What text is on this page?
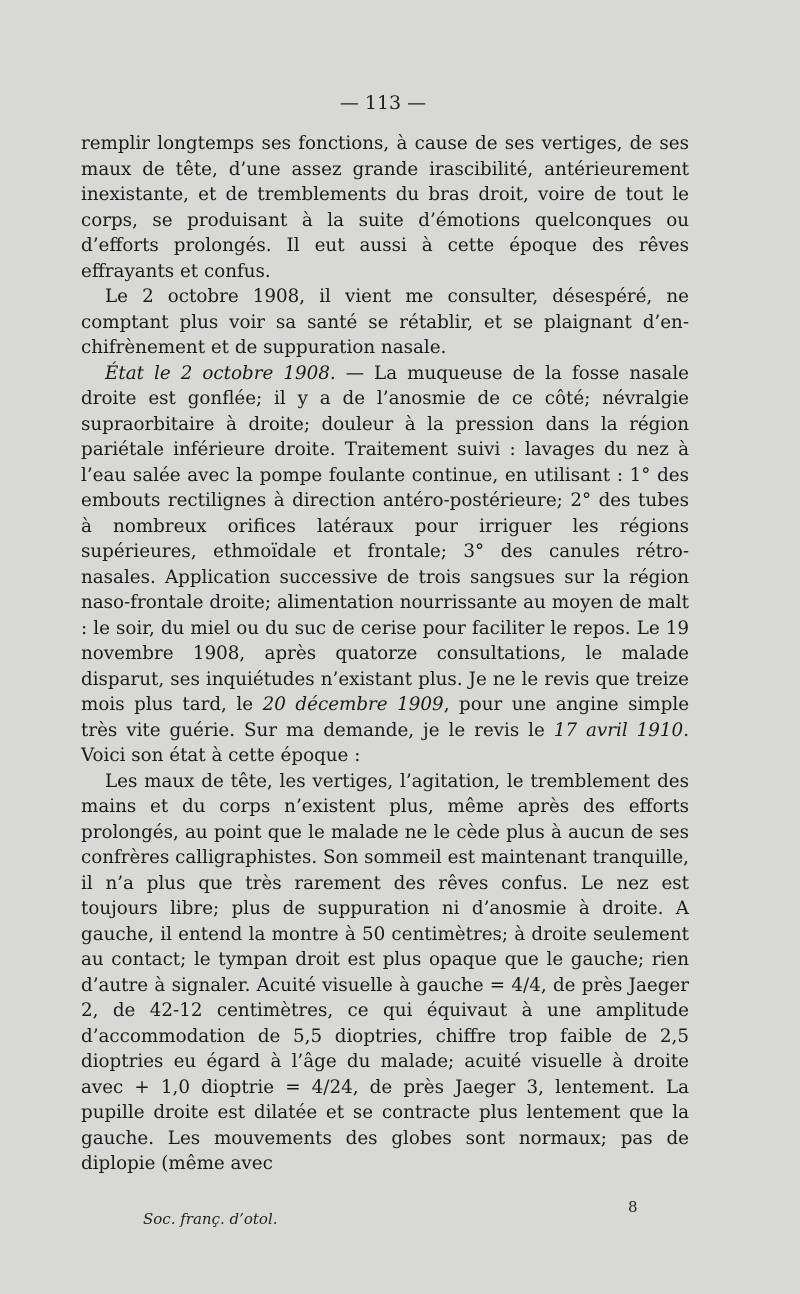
— 113 —

remplir longtemps ses fonctions, à cause de ses vertiges, de ses maux de tête, d’une assez grande irascibilité, antérieurement inexistante, et de tremblements du bras droit, voire de tout le corps, se produisant à la suite d’émotions quelconques ou d’efforts prolongés. Il eut aussi à cette époque des rêves effrayants et confus.

Le 2 octobre 1908, il vient me consulter, désespéré, ne comptant plus voir sa santé se rétablir, et se plaignant d’enchifrènement et de suppuration nasale.

État le 2 octobre 1908. — La muqueuse de la fosse nasale droite est gonflée; il y a de l’anosmie de ce côté; névralgie supraorbitaire à droite; douleur à la pression dans la région pariétale inférieure droite. Traitement suivi : lavages du nez à l’eau salée avec la pompe foulante continue, en utilisant : 1° des embouts rectilignes à direction antéro-postérieure; 2° des tubes à nombreux orifices latéraux pour irriguer les régions supérieures, ethmoïdale et frontale; 3° des canules rétro-nasales. Application successive de trois sangsues sur la région naso-frontale droite; alimentation nourrissante au moyen de malt : le soir, du miel ou du suc de cerise pour faciliter le repos. Le 19 novembre 1908, après quatorze consultations, le malade disparut, ses inquiétudes n’existant plus. Je ne le revis que treize mois plus tard, le 20 décembre 1909, pour une angine simple très vite guérie. Sur ma demande, je le revis le 17 avril 1910. Voici son état à cette époque :

Les maux de tête, les vertiges, l’agitation, le tremblement des mains et du corps n’existent plus, même après des efforts prolongés, au point que le malade ne le cède plus à aucun de ses confrères calligraphistes. Son sommeil est maintenant tranquille, il n’a plus que très rarement des rêves confus. Le nez est toujours libre; plus de suppuration ni d’anosmie à droite. A gauche, il entend la montre à 50 centimètres; à droite seulement au contact; le tympan droit est plus opaque que le gauche; rien d’autre à signaler. Acuité visuelle à gauche = 4/4, de près Jaeger 2, de 42-12 centimètres, ce qui équivaut à une amplitude d’accommodation de 5,5 dioptries, chiffre trop faible de 2,5 dioptries eu égard à l’âge du malade; acuité visuelle à droite avec + 1,0 dioptrie = 4/24, de près Jaeger 3, lentement. La pupille droite est dilatée et se contracte plus lentement que la gauche. Les mouvements des globes sont normaux; pas de diplopie (même avec

Soc. franç. d’otol.
8
